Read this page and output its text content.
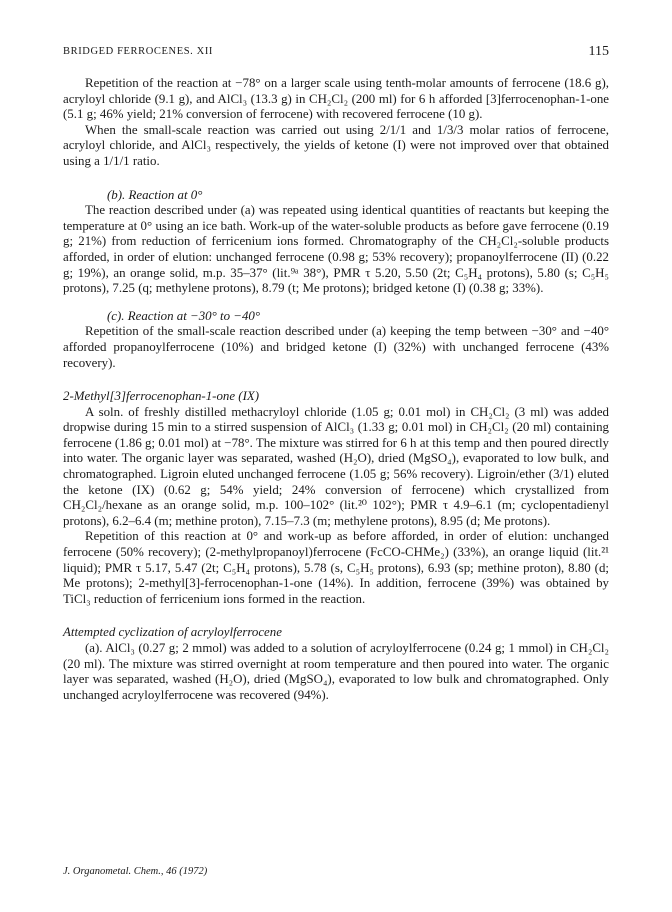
BRIDGED FERROCENES. XII	115

Repetition of the reaction at −78° on a larger scale using tenth-molar amounts of ferrocene (18.6 g), acryloyl chloride (9.1 g), and AlCl₃ (13.3 g) in CH₂Cl₂ (200 ml) for 6 h afforded [3]ferrocenophan-1-one (5.1 g; 46% yield; 21% conversion of ferrocene) with recovered ferrocene (10 g).

When the small-scale reaction was carried out using 2/1/1 and 1/3/3 molar ratios of ferrocene, acryloyl chloride, and AlCl₃ respectively, the yields of ketone (I) were not improved over that obtained using a 1/1/1 ratio.

(b). Reaction at 0°

The reaction described under (a) was repeated using identical quantities of reactants but keeping the temperature at 0° using an ice bath. Work-up of the water-soluble products as before gave ferrocene (0.19 g; 21%) from reduction of ferricenium ions formed. Chromatography of the CH₂Cl₂-soluble products afforded, in order of elution: unchanged ferrocene (0.98 g; 53% recovery); propanoylferrocene (II) (0.22 g; 19%), an orange solid, m.p. 35–37° (lit.⁹ᵃ 38°), PMR τ 5.20, 5.50 (2t; C₅H₄ protons), 5.80 (s; C₅H₅ protons), 7.25 (q; methylene protons), 8.79 (t; Me protons); bridged ketone (I) (0.38 g; 33%).

(c). Reaction at −30° to −40°

Repetition of the small-scale reaction described under (a) keeping the temp between −30° and −40° afforded propanoylferrocene (10%) and bridged ketone (I) (32%) with unchanged ferrocene (43% recovery).

2-Methyl[3]ferrocenophan-1-one (IX)

A soln. of freshly distilled methacryloyl chloride (1.05 g; 0.01 mol) in CH₂Cl₂ (3 ml) was added dropwise during 15 min to a stirred suspension of AlCl₃ (1.33 g; 0.01 mol) in CH₂Cl₂ (20 ml) containing ferrocene (1.86 g; 0.01 mol) at −78°. The mixture was stirred for 6 h at this temp and then poured directly into water. The organic layer was separated, washed (H₂O), dried (MgSO₄), evaporated to low bulk, and chromatographed. Ligroin eluted unchanged ferrocene (1.05 g; 56% recovery). Ligroin/ether (3/1) eluted the ketone (IX) (0.62 g; 54% yield; 24% conversion of ferrocene) which crystallized from CH₂Cl₂/hexane as an orange solid, m.p. 100–102° (lit.²⁰ 102°); PMR τ 4.9–6.1 (m; cyclopentadienyl protons), 6.2–6.4 (m; methine proton), 7.15–7.3 (m; methylene protons), 8.95 (d; Me protons).

Repetition of this reaction at 0° and work-up as before afforded, in order of elution: unchanged ferrocene (50% recovery); (2-methylpropanoyl)ferrocene (FcCO-CHMe₂) (33%), an orange liquid (lit.²¹ liquid); PMR τ 5.17, 5.47 (2t; C₅H₄ protons), 5.78 (s, C₅H₅ protons), 6.93 (sp; methine proton), 8.80 (d; Me protons); 2-methyl[3]-ferrocenophan-1-one (14%). In addition, ferrocene (39%) was obtained by TiCl₃ reduction of ferricenium ions formed in the reaction.

Attempted cyclization of acryloylferrocene

(a). AlCl₃ (0.27 g; 2 mmol) was added to a solution of acryloylferrocene (0.24 g; 1 mmol) in CH₂Cl₂ (20 ml). The mixture was stirred overnight at room temperature and then poured into water. The organic layer was separated, washed (H₂O), dried (MgSO₄), evaporated to low bulk and chromatographed. Only unchanged acryloylferrocene was recovered (94%).

J. Organometal. Chem., 46 (1972)
